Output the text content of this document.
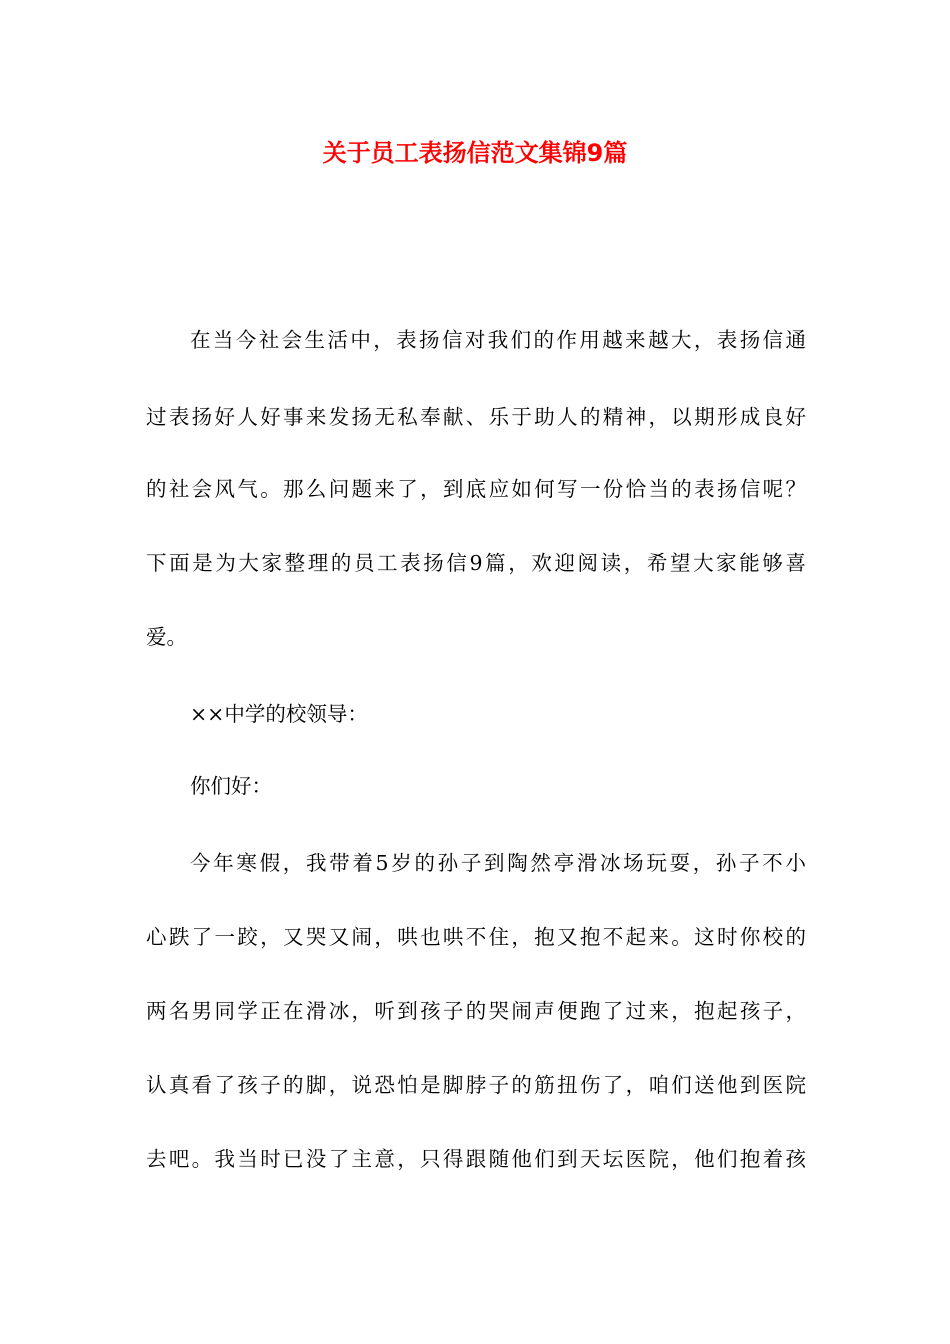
关于员工表扬信范文集锦9篇

在当今社会生活中，表扬信对我们的作用越来越大，表扬信通

过表扬好人好事来发扬无私奉献、乐于助人的精神，以期形成良好

的社会风气。那么问题来了，到底应如何写一份恰当的表扬信呢？

下面是为大家整理的员工表扬信9篇，欢迎阅读，希望大家能够喜

爱。

××中学的校领导：

你们好：

今年寒假，我带着5岁的孙子到陶然亭滑冰场玩耍，孙子不小

心跌了一跤，又哭又闹，哄也哄不住，抱又抱不起来。这时你校的

两名男同学正在滑冰，听到孩子的哭闹声便跑了过来，抱起孩子，

认真看了孩子的脚，说恐怕是脚脖子的筋扭伤了，咱们送他到医院

去吧。我当时已没了主意，只得跟随他们到天坛医院，他们抱着孩
